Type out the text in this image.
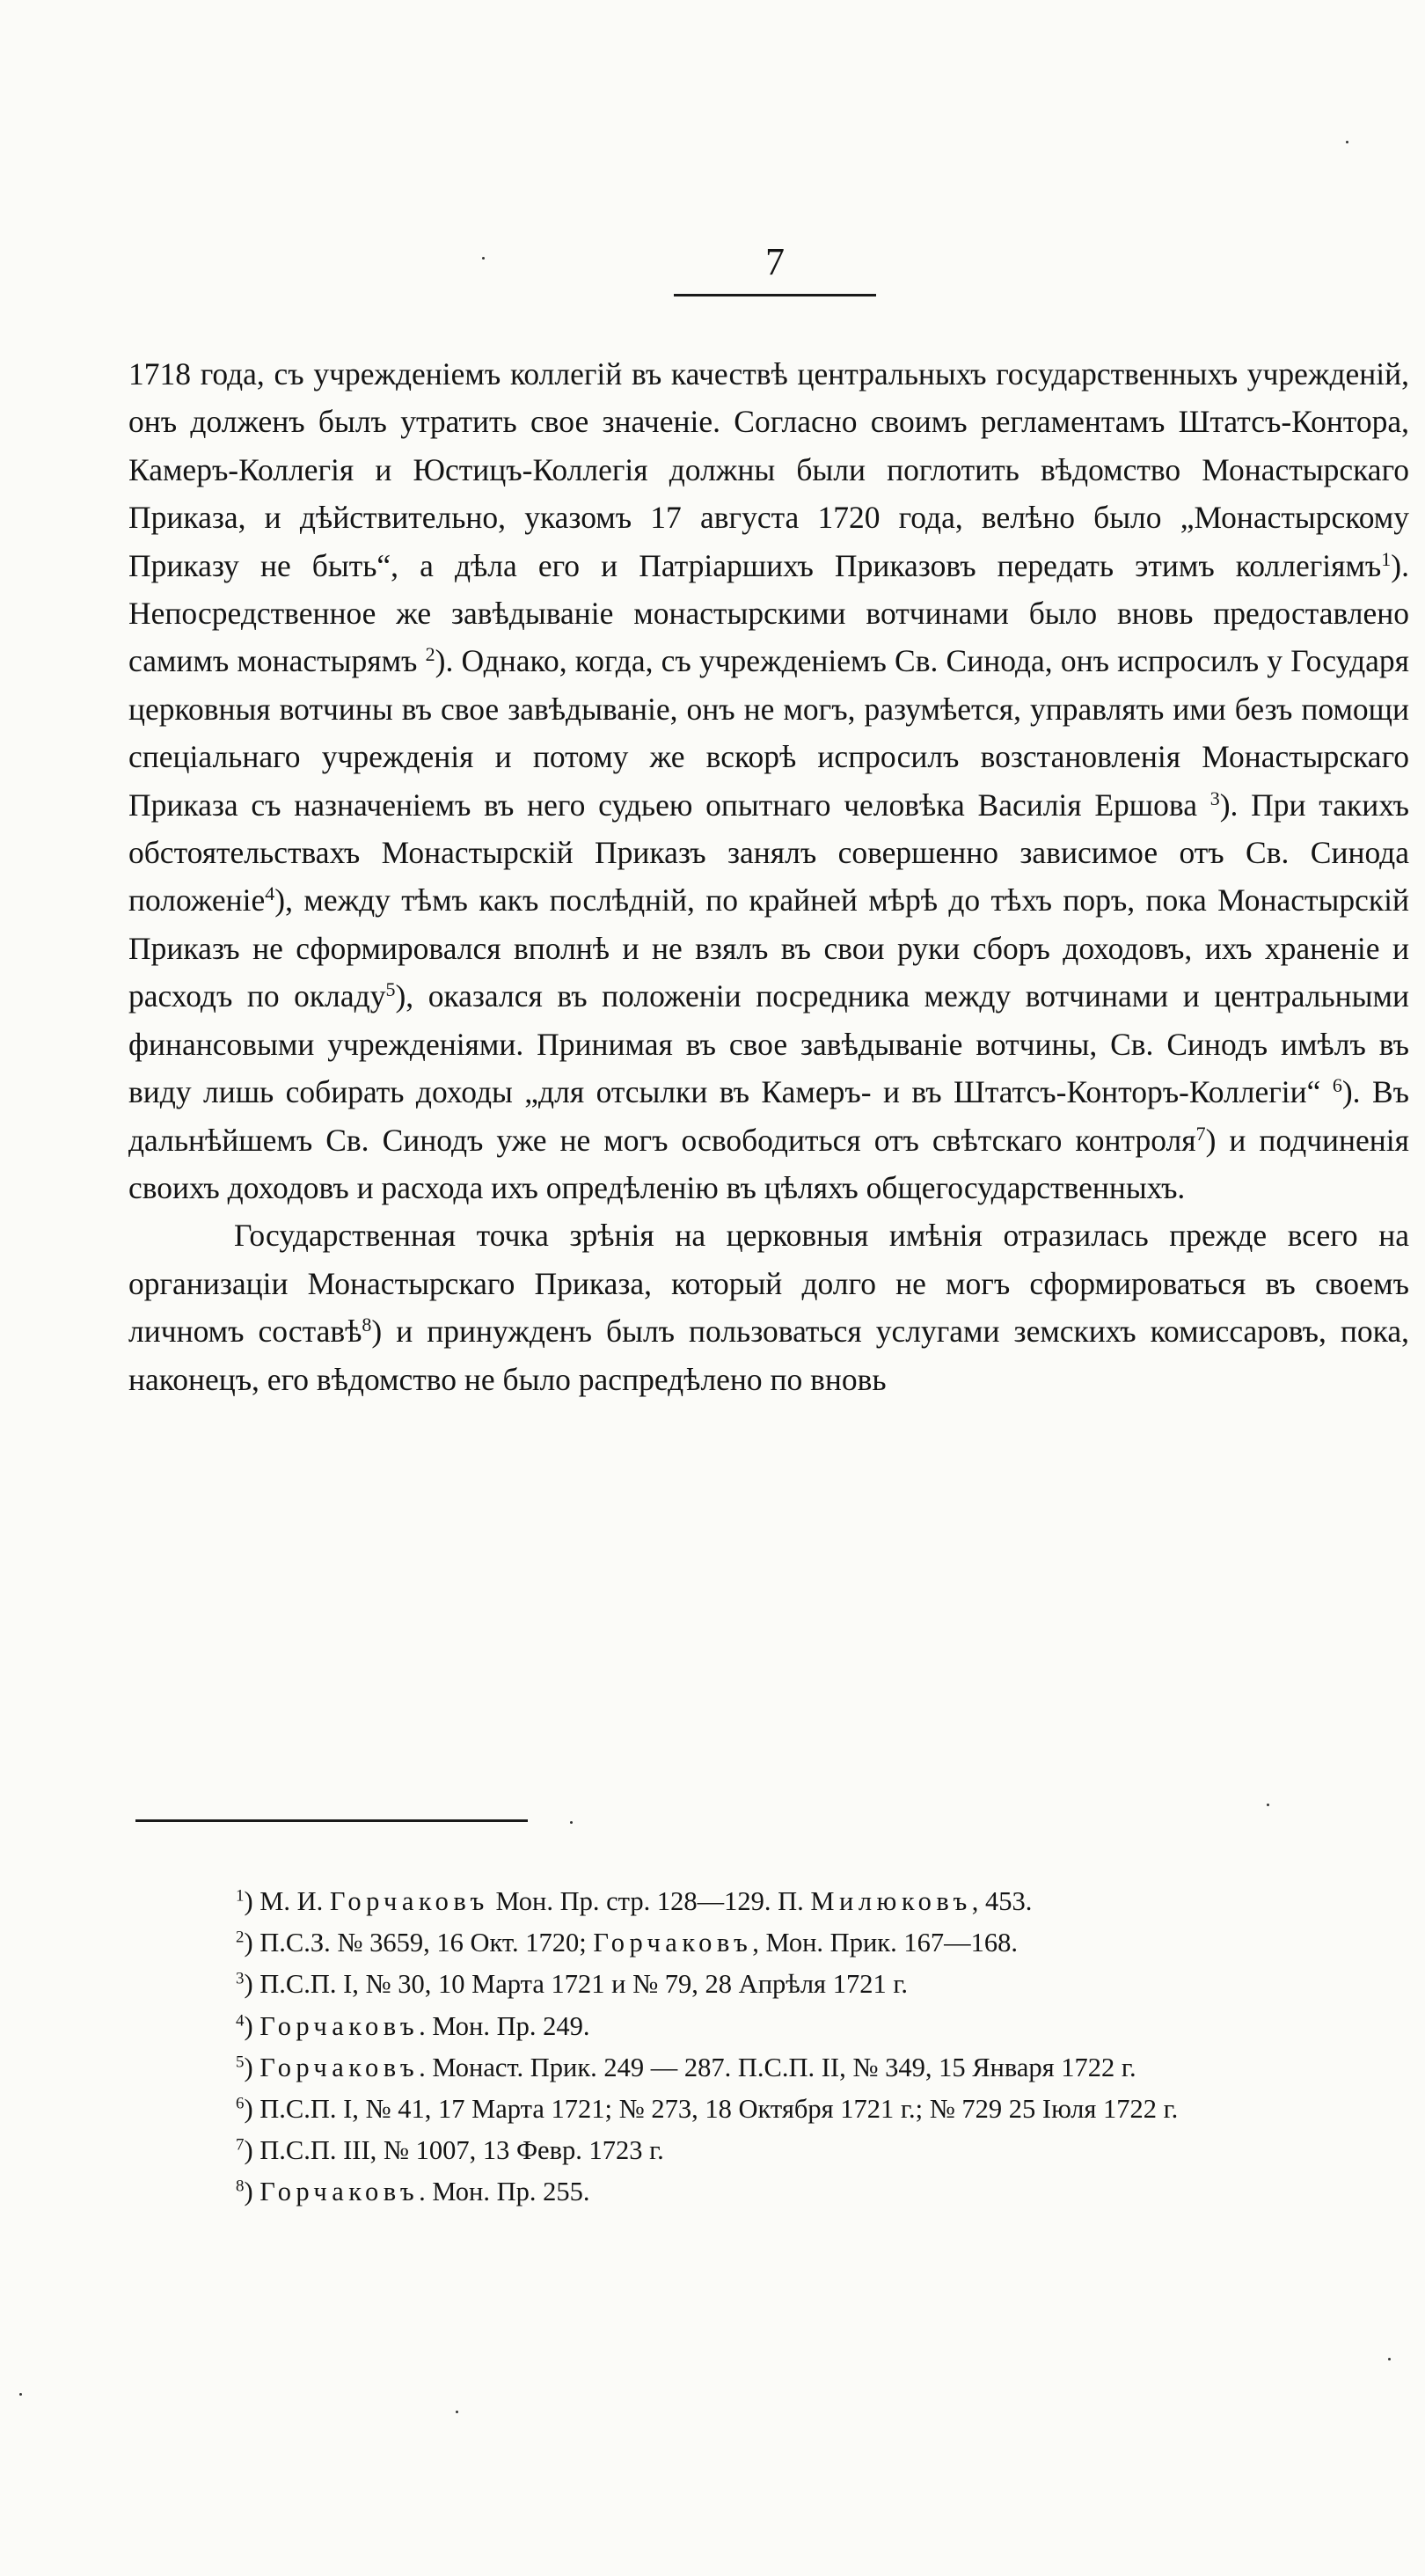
7

1718 года, съ учрежденіемъ коллегій въ качествѣ центральныхъ государственныхъ учрежденій, онъ долженъ былъ утратить свое значеніе. Согласно своимъ регламентамъ Штатсъ-Контора, Камеръ-Коллегія и Юстицъ-Коллегія должны были поглотить вѣдомство Монастырскаго Приказа, и дѣйствительно, указомъ 17 августа 1720 года, велѣно было „Монастырскому Приказу не быть“, а дѣла его и Патріаршихъ Приказовъ передать этимъ коллегіямъ$^1$). Непосредственное же завѣдываніе монастырскими вотчинами было вновь предоставлено самимъ монастырямъ $^2$). Однако, когда, съ учрежденіемъ Св. Синода, онъ испросилъ у Государя церковныя вотчины въ свое завѣдываніе, онъ не могъ, разумѣется, управлять ими безъ помощи спеціальнаго учрежденія и потому же вскорѣ испросилъ возстановленія Монастырскаго Приказа съ назначеніемъ въ него судьею опытнаго человѣка Василія Ершова $^3$). При такихъ обстоятельствахъ Монастырскій Приказъ занялъ совершенно зависимое отъ Св. Синода положеніе$^4$), между тѣмъ какъ послѣдній, по крайней мѣрѣ до тѣхъ поръ, пока Монастырскій Приказъ не сформировался вполнѣ и не взялъ въ свои руки сборъ доходовъ, ихъ храненіе и расходъ по окладу$^5$), оказался въ положеніи посредника между вотчинами и центральными финансовыми учрежденіями. Принимая въ свое завѣдываніе вотчины, Св. Синодъ имѣлъ въ виду лишь собирать доходы „для отсылки въ Камеръ- и въ Штатсъ-Конторъ-Коллегіи“ $^6$). Въ дальнѣйшемъ Св. Синодъ уже не могъ освободиться отъ свѣтскаго контроля$^7$) и подчиненія своихъ доходовъ и расхода ихъ опредѣленію въ цѣляхъ общегосударственныхъ.

Государственная точка зрѣнія на церковныя имѣнія отразилась прежде всего на организаціи Монастырскаго Приказа, который долго не могъ сформироваться въ своемъ личномъ составѣ$^8$) и принужденъ былъ пользоваться услугами земскихъ комиссаровъ, пока, наконецъ, его вѣдомство не было распредѣлено по вновь

$^1$) М. И. Горчаковъ Мон. Пр. стр. 128—129. П. Милюковъ, 453.

$^2$) П.С.З. № 3659, 16 Окт. 1720; Горчаковъ, Мон. Прик. 167—168.

$^3$) П.С.П. I, № 30, 10 Марта 1721 и № 79, 28 Апрѣля 1721 г.

$^4$) Горчаковъ. Мон. Пр. 249.

$^5$) Горчаковъ. Монаст. Прик. 249 — 287. П.С.П. II, № 349, 15 Января 1722 г.

$^6$) П.С.П. I, № 41, 17 Марта 1721; № 273, 18 Октября 1721 г.; № 729 25 Іюля 1722 г.

$^7$) П.С.П. III, № 1007, 13 Февр. 1723 г.

$^8$) Горчаковъ. Мон. Пр. 255.
